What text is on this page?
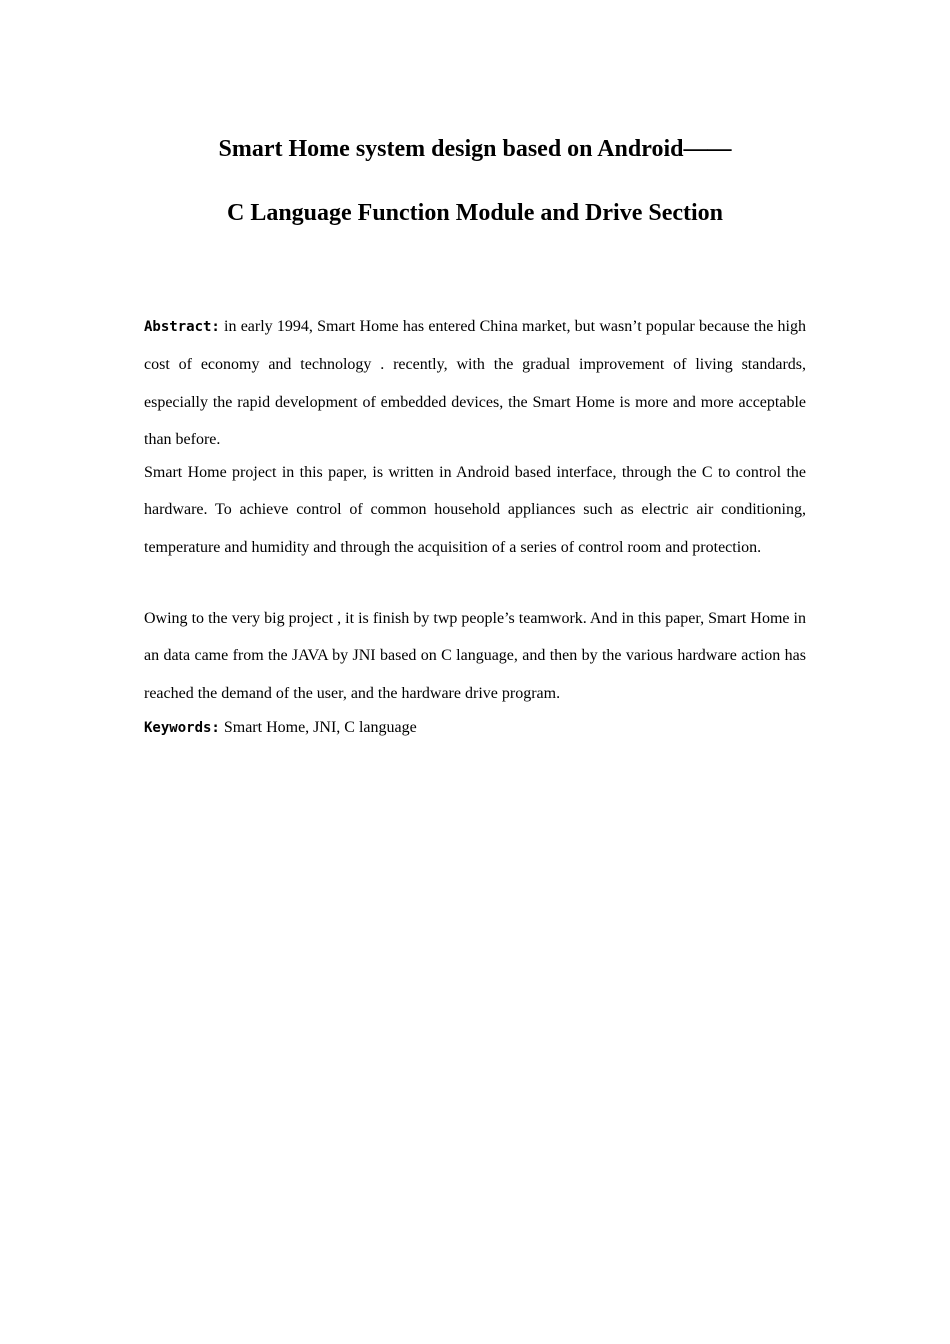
Smart Home system design based on Android——
C Language Function Module and Drive Section

Abstract: in early 1994, Smart Home has entered China market, but wasn’t popular because the high cost of economy and technology . recently, with the gradual improvement of living standards, especially the rapid development of embedded devices, the Smart Home is more and more acceptable than before.

Smart Home project in this paper, is written in Android based interface, through the C to control the hardware. To achieve control of common household appliances such as electric air conditioning, temperature and humidity and through the acquisition of a series of control room and protection.

Owing to the very big project , it is finish by twp people’s teamwork. And in this paper, Smart Home in an data came from the JAVA by JNI based on C language, and then by the various hardware action has reached the demand of the user, and the hardware drive program.

Keywords: Smart Home, JNI, C language
